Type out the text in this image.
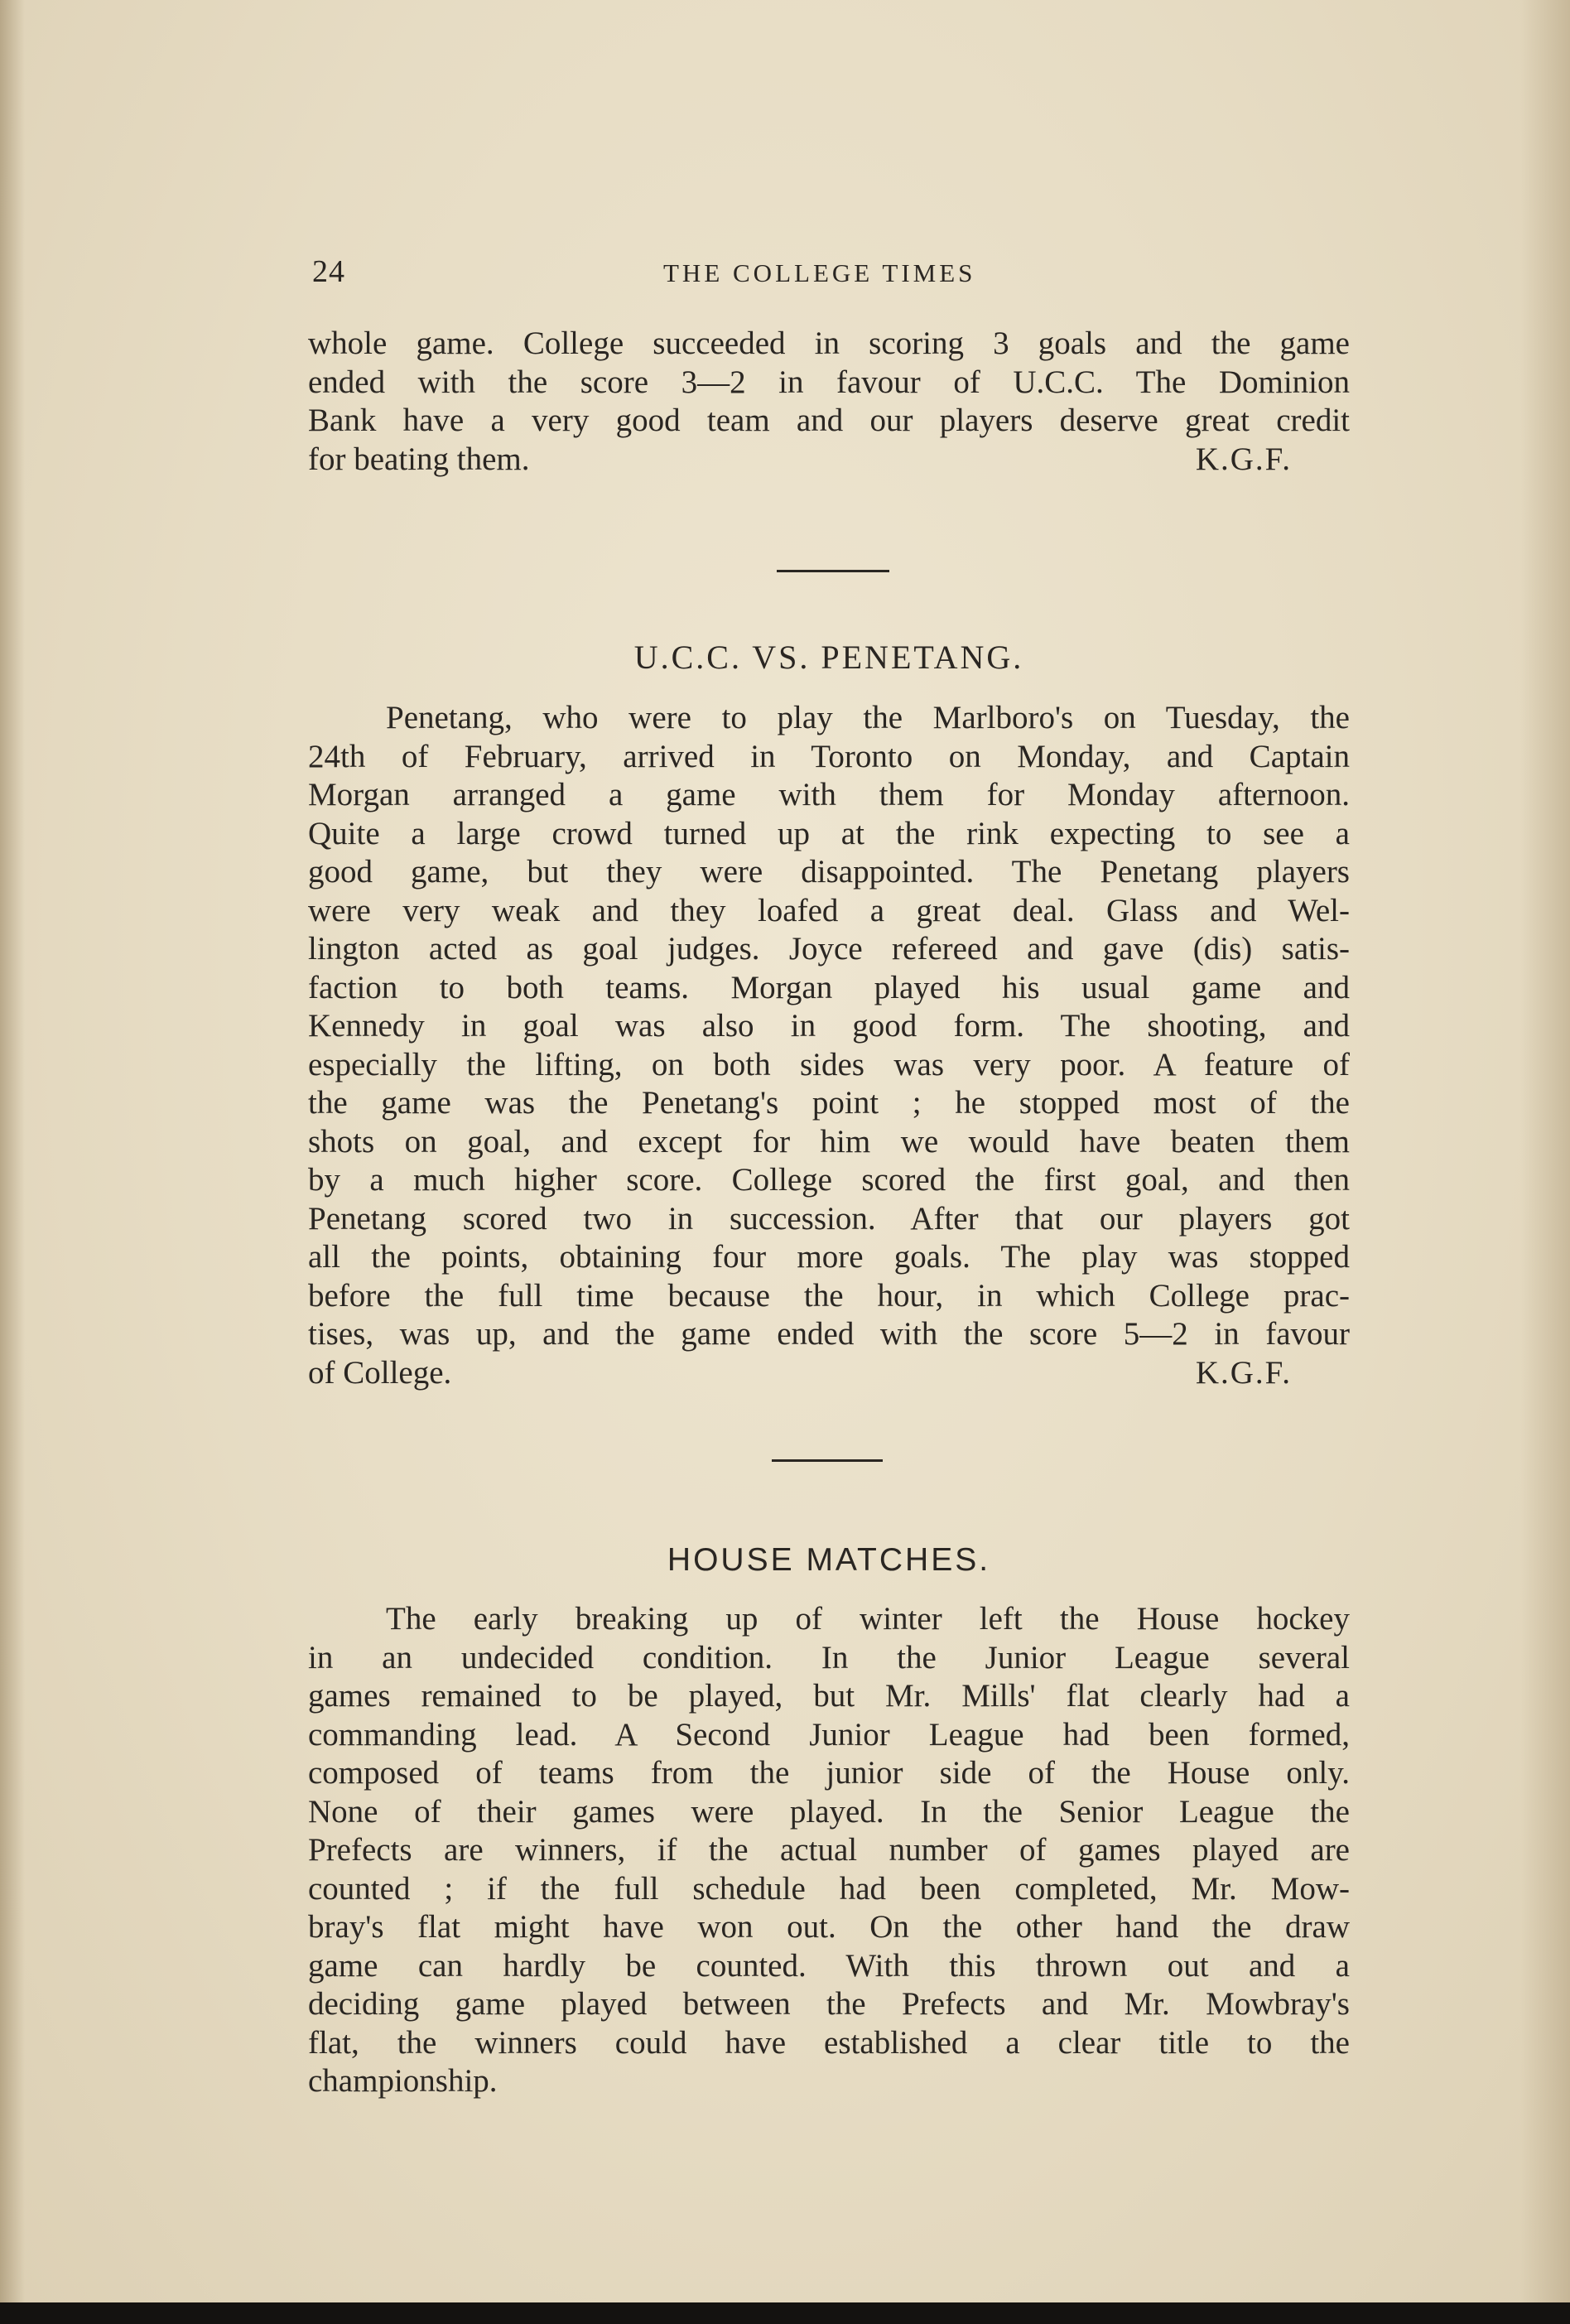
24	THE COLLEGE TIMES
whole game. College succeeded in scoring 3 goals and the game
ended with the score 3—2 in favour of U.C.C. The Dominion
Bank have a very good team and our players deserve great credit
for beating them.	K.G.F.
U.C.C. VS. PENETANG.
Penetang, who were to play the Marlboro's on Tuesday, the
24th of February, arrived in Toronto on Monday, and Captain
Morgan arranged a game with them for Monday afternoon.
Quite a large crowd turned up at the rink expecting to see a
good game, but they were disappointed. The Penetang players
were very weak and they loafed a great deal. Glass and Wel-
lington acted as goal judges. Joyce refereed and gave (dis) satis-
faction to both teams. Morgan played his usual game and
Kennedy in goal was also in good form. The shooting, and
especially the lifting, on both sides was very poor. A feature of
the game was the Penetang's point ; he stopped most of the
shots on goal, and except for him we would have beaten them
by a much higher score. College scored the first goal, and then
Penetang scored two in succession. After that our players got
all the points, obtaining four more goals. The play was stopped
before the full time because the hour, in which College prac-
tises, was up, and the game ended with the score 5—2 in favour
of College.	K.G.F.
HOUSE MATCHES.
The early breaking up of winter left the House hockey
in an undecided condition. In the Junior League several
games remained to be played, but Mr. Mills' flat clearly had a
commanding lead. A Second Junior League had been formed,
composed of teams from the junior side of the House only.
None of their games were played. In the Senior League the
Prefects are winners, if the actual number of games played are
counted ; if the full schedule had been completed, Mr. Mow-
bray's flat might have won out. On the other hand the draw
game can hardly be counted. With this thrown out and a
deciding game played between the Prefects and Mr. Mowbray's
flat, the winners could have established a clear title to the
championship.
